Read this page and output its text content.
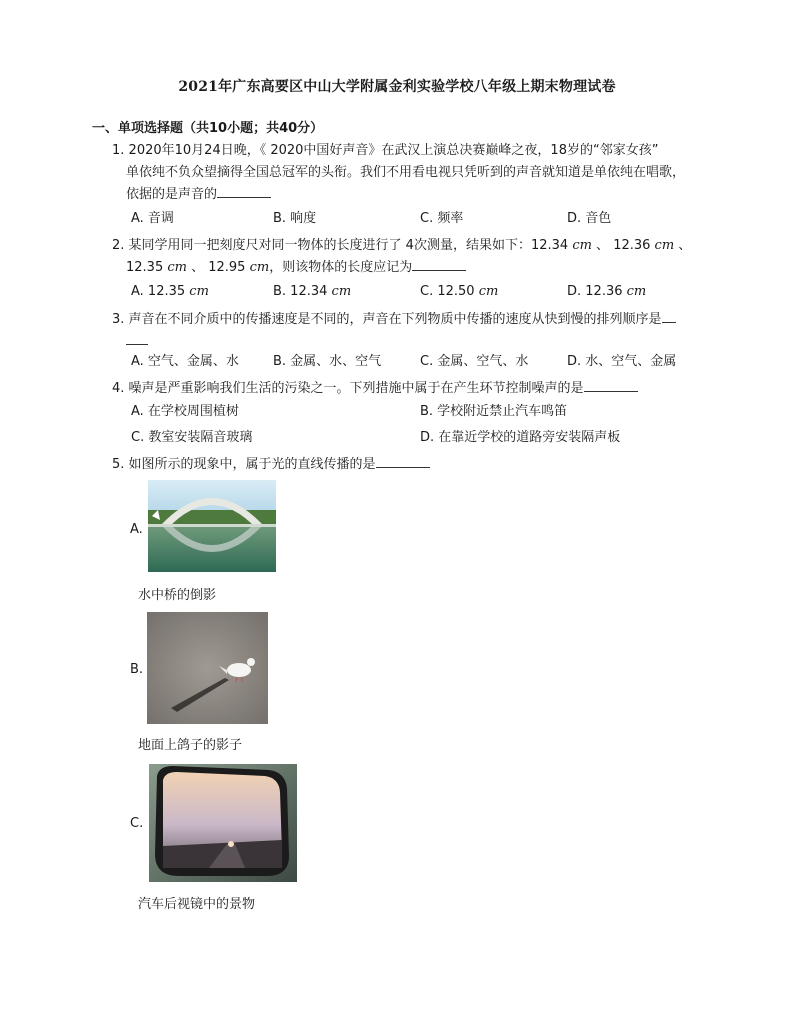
2021年广东高要区中山大学附属金利实验学校八年级上期末物理试卷
一、单项选择题（共10小题；共40分）
1. 2020年10月24日晚，《 2020中国好声音》在武汉上演总决赛巅峰之夜，18岁的“邻家女孩”
单依纯不负众望摘得全国总冠军的头衔。我们不用看电视只凭听到的声音就知道是单依纯在唱歌，
依据的是声音的
A. 音调	B. 响度	C. 频率	D. 音色
2. 某同学用同一把刻度尺对同一物体的长度进行了 4次测量，结果如下：12.34 cm 、 12.36 cm 、
12.35 cm 、 12.95 cm，则该物体的长度应记为
A. 12.35 cm	B. 12.34 cm	C. 12.50 cm	D. 12.36 cm
3. 声音在不同介质中的传播速度是不同的，声音在下列物质中传播的速度从快到慢的排列顺序是
A. 空气、金属、水	B. 金属、水、空气	C. 金属、空气、水	D. 水、空气、金属
4. 噪声是严重影响我们生活的污染之一。下列措施中属于在产生环节控制噪声的是
A. 在学校周围植树	B. 学校附近禁止汽车鸣笛
C. 教室安装隔音玻璃	D. 在靠近学校的道路旁安装隔声板
5. 如图所示的现象中，属于光的直线传播的是
A.
水中桥的倒影
B.
地面上鸽子的影子
C.
汽车后视镜中的景物
